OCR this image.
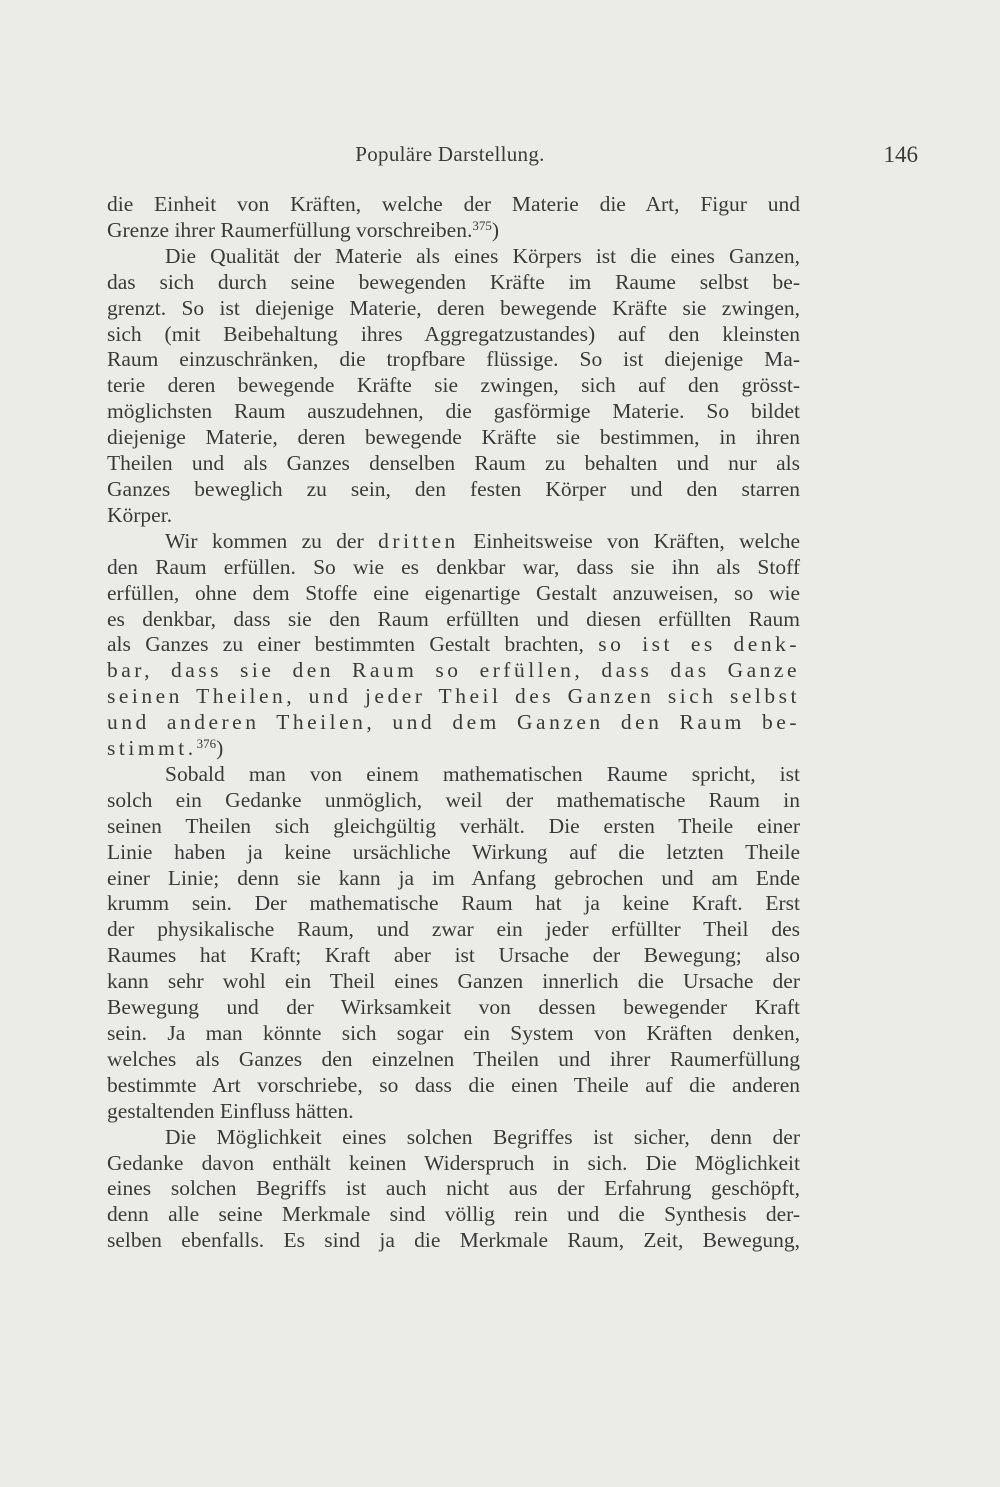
Populäre Darstellung.	146
die Einheit von Kräften, welche der Materie die Art, Figur und
Grenze ihrer Raumerfüllung vorschreiben.$^{375}$)
Die Qualität der Materie als eines Körpers ist die eines Ganzen,
das sich durch seine bewegenden Kräfte im Raume selbst be-
grenzt. So ist diejenige Materie, deren bewegende Kräfte sie zwingen,
sich (mit Beibehaltung ihres Aggregatzustandes) auf den kleinsten
Raum einzuschränken, die tropfbare flüssige. So ist diejenige Ma-
terie deren bewegende Kräfte sie zwingen, sich auf den grösst-
möglichsten Raum auszudehnen, die gasförmige Materie. So bildet
diejenige Materie, deren bewegende Kräfte sie bestimmen, in ihren
Theilen und als Ganzes denselben Raum zu behalten und nur als
Ganzes beweglich zu sein, den festen Körper und den starren
Körper.
Wir kommen zu der dritten Einheitsweise von Kräften, welche
den Raum erfüllen. So wie es denkbar war, dass sie ihn als Stoff
erfüllen, ohne dem Stoffe eine eigenartige Gestalt anzuweisen, so wie
es denkbar, dass sie den Raum erfüllten und diesen erfüllten Raum
als Ganzes zu einer bestimmten Gestalt brachten, so ist es denk-
bar, dass sie den Raum so erfüllen, dass das Ganze
seinen Theilen, und jeder Theil des Ganzen sich selbst
und anderen Theilen, und dem Ganzen den Raum be-
stimmt.$^{376}$)
Sobald man von einem mathematischen Raume spricht, ist
solch ein Gedanke unmöglich, weil der mathematische Raum in
seinen Theilen sich gleichgültig verhält. Die ersten Theile einer
Linie haben ja keine ursächliche Wirkung auf die letzten Theile
einer Linie; denn sie kann ja im Anfang gebrochen und am Ende
krumm sein. Der mathematische Raum hat ja keine Kraft. Erst
der physikalische Raum, und zwar ein jeder erfüllter Theil des
Raumes hat Kraft; Kraft aber ist Ursache der Bewegung; also
kann sehr wohl ein Theil eines Ganzen innerlich die Ursache der
Bewegung und der Wirksamkeit von dessen bewegender Kraft
sein. Ja man könnte sich sogar ein System von Kräften denken,
welches als Ganzes den einzelnen Theilen und ihrer Raumerfüllung
bestimmte Art vorschriebe, so dass die einen Theile auf die anderen
gestaltenden Einfluss hätten.
Die Möglichkeit eines solchen Begriffes ist sicher, denn der
Gedanke davon enthält keinen Widerspruch in sich. Die Möglichkeit
eines solchen Begriffs ist auch nicht aus der Erfahrung geschöpft,
denn alle seine Merkmale sind völlig rein und die Synthesis der-
selben ebenfalls. Es sind ja die Merkmale Raum, Zeit, Bewegung,
